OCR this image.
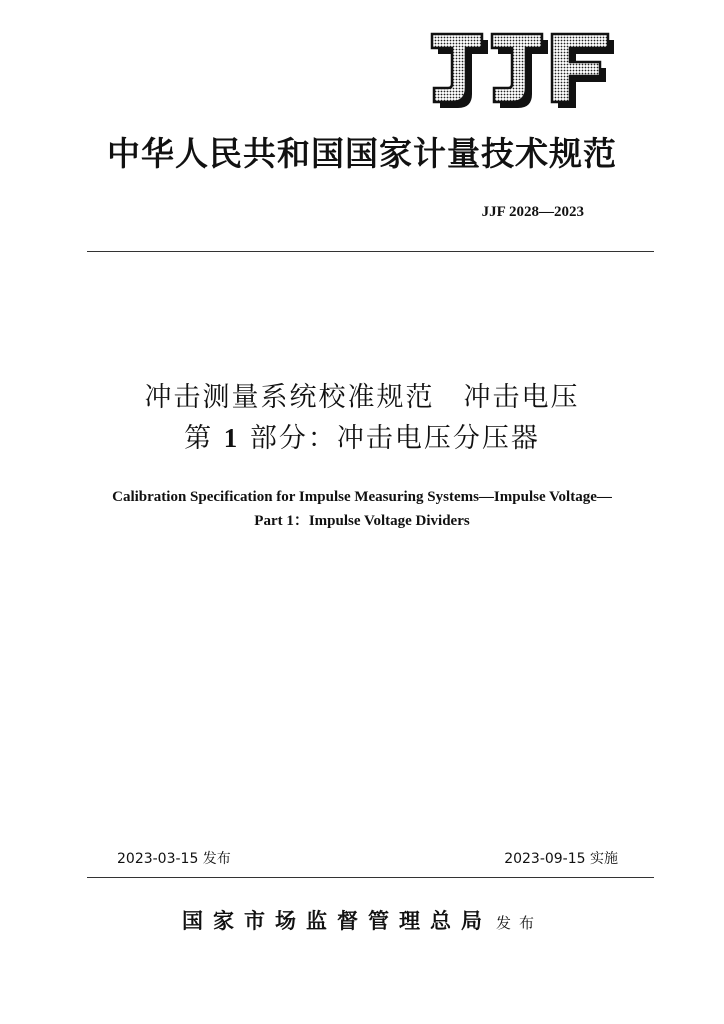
中华人民共和国国家计量技术规范
JJF 2028—2023
冲击测量系统校准规范　冲击电压
第 1 部分：冲击电压分压器
Calibration Specification for Impulse Measuring Systems—Impulse Voltage—
Part 1：Impulse Voltage Dividers
2023-03-15 发布	2023-09-15 实施
国家市场监督管理总局 发布
